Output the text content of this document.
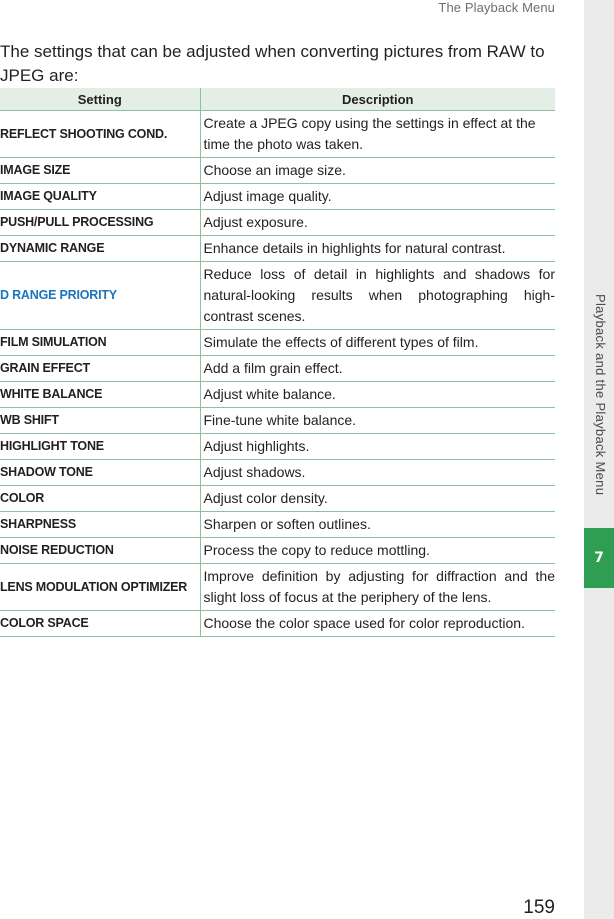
The Playback Menu
Playback and the Playback Menu
7

The settings that can be adjusted when converting pictures from RAW to JPEG are:

Setting	Description
REFLECT SHOOTING COND.	Create a JPEG copy using the settings in effect at the time the photo was taken.
IMAGE SIZE	Choose an image size.
IMAGE QUALITY	Adjust image quality.
PUSH/PULL PROCESSING	Adjust exposure.
DYNAMIC RANGE	Enhance details in highlights for natural contrast.
D RANGE PRIORITY	Reduce loss of detail in highlights and shadows for natural-looking results when photographing high-contrast scenes.
FILM SIMULATION	Simulate the effects of different types of film.
GRAIN EFFECT	Add a film grain effect.
WHITE BALANCE	Adjust white balance.
WB SHIFT	Fine-tune white balance.
HIGHLIGHT TONE	Adjust highlights.
SHADOW TONE	Adjust shadows.
COLOR	Adjust color density.
SHARPNESS	Sharpen or soften outlines.
NOISE REDUCTION	Process the copy to reduce mottling.
LENS MODULATION OPTIMIZER	Improve definition by adjusting for diffraction and the slight loss of focus at the periphery of the lens.
COLOR SPACE	Choose the color space used for color reproduction.
159
